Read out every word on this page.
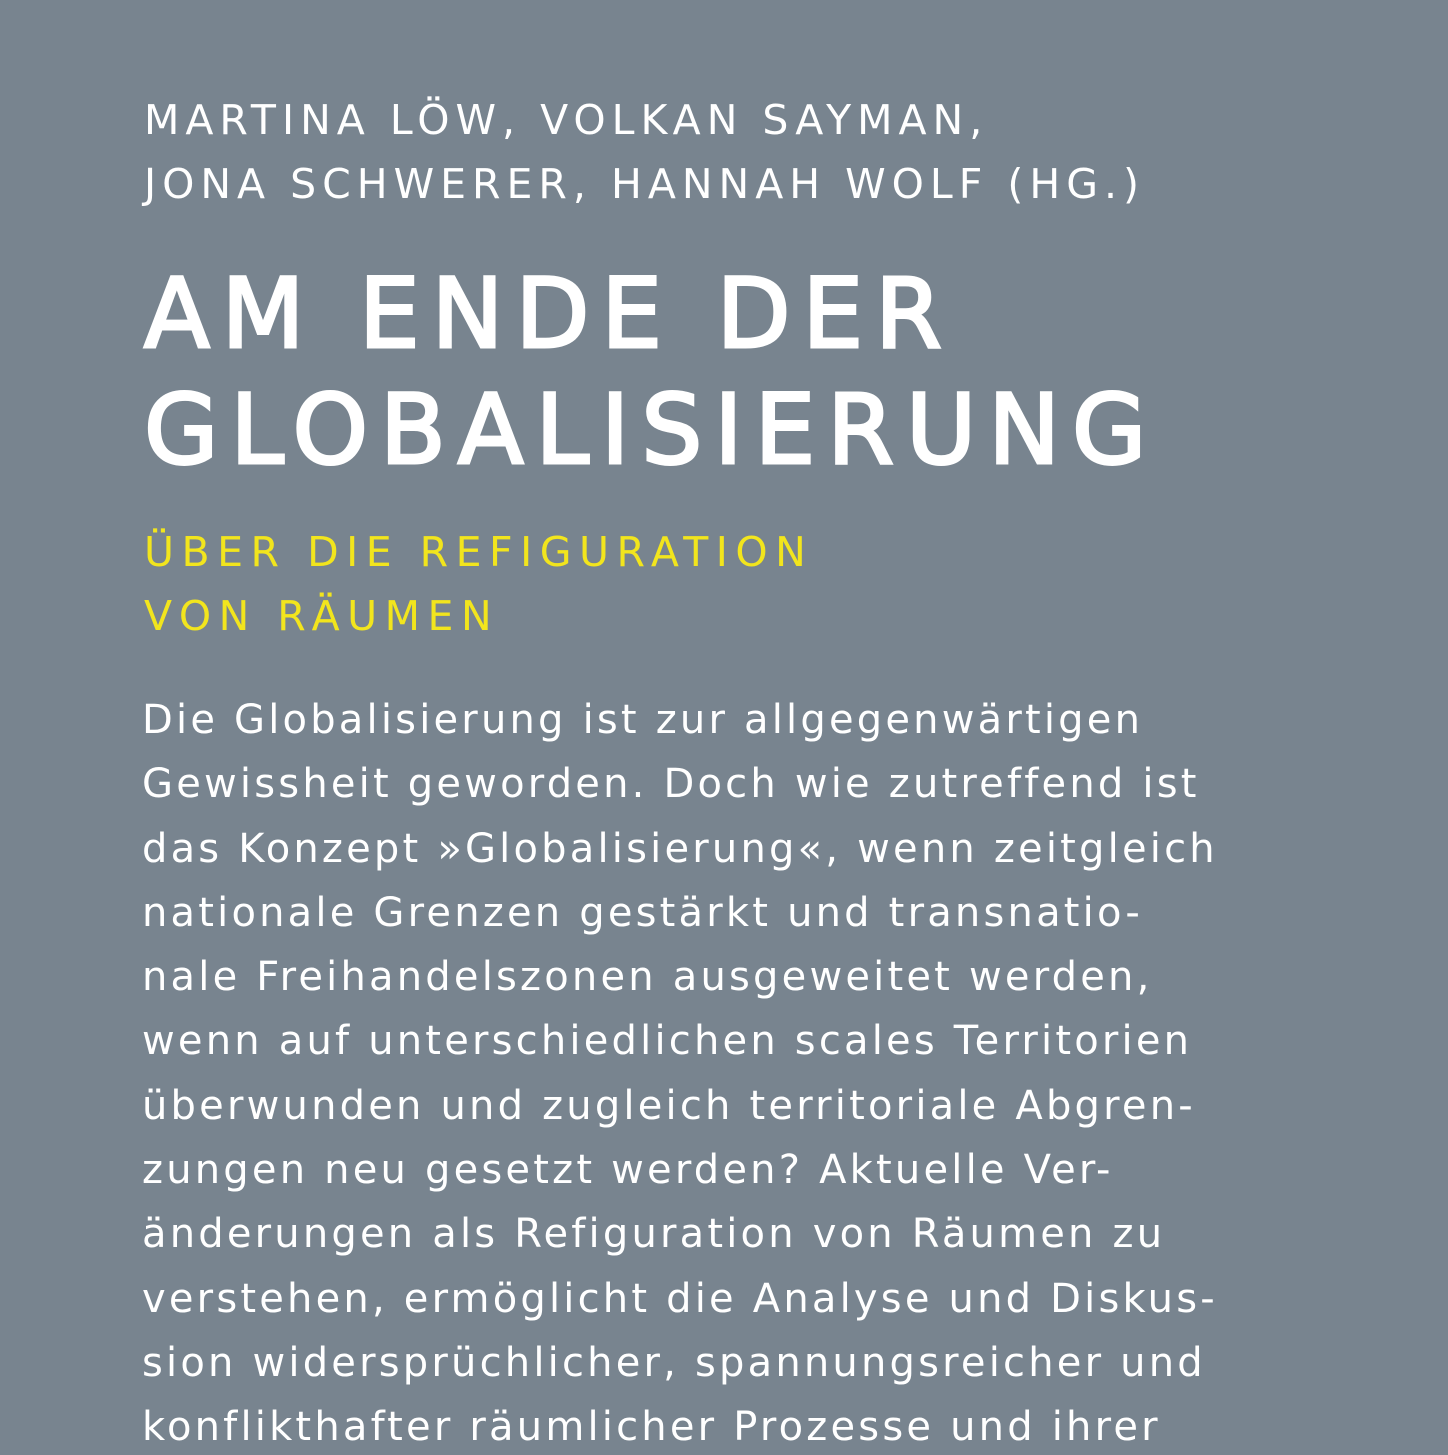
MARTINA LÖW, VOLKAN SAYMAN,
JONA SCHWERER, HANNAH WOLF (HG.)
AM ENDE DER
GLOBALISIERUNG
ÜBER DIE REFIGURATION
VON RÄUMEN
Die Globalisierung ist zur allgegenwärtigen
Gewissheit geworden. Doch wie zutreffend ist
das Konzept »Globalisierung«, wenn zeitgleich
nationale Grenzen gestärkt und transnatio-
nale Freihandelszonen ausgeweitet werden,
wenn auf unterschiedlichen scales Territorien
überwunden und zugleich territoriale Abgren-
zungen neu gesetzt werden? Aktuelle Ver-
änderungen als Refiguration von Räumen zu
verstehen, ermöglicht die Analyse und Diskus-
sion widersprüchlicher, spannungsreicher und
konflikthafter räumlicher Prozesse und ihrer
